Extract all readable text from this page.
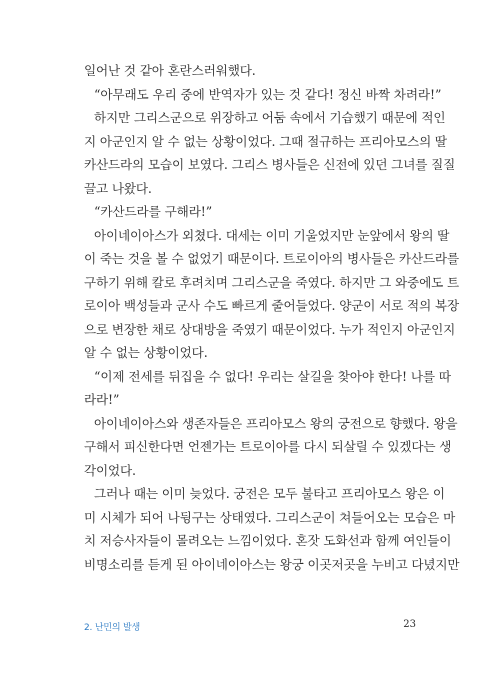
일어난 것 같아 혼란스러워했다.
“아무래도 우리 중에 반역자가 있는 것 같다! 정신 바짝 차려라!”
하지만 그리스군으로 위장하고 어둠 속에서 기습했기 때문에 적인
지 아군인지 알 수 없는 상황이었다. 그때 절규하는 프리아모스의 딸
카산드라의 모습이 보였다. 그리스 병사들은 신전에 있던 그녀를 질질
끌고 나왔다.
“카산드라를 구해라!”
아이네이아스가 외쳤다. 대세는 이미 기울었지만 눈앞에서 왕의 딸
이 죽는 것을 볼 수 없었기 때문이다. 트로이아의 병사들은 카산드라를
구하기 위해 칼로 후려치며 그리스군을 죽였다. 하지만 그 와중에도 트
로이아 백성들과 군사 수도 빠르게 줄어들었다. 양군이 서로 적의 복장
으로 변장한 채로 상대방을 죽였기 때문이었다. 누가 적인지 아군인지
알 수 없는 상황이었다.
“이제 전세를 뒤집을 수 없다! 우리는 살길을 찾아야 한다! 나를 따
라라!”
아이네이아스와 생존자들은 프리아모스 왕의 궁전으로 향했다. 왕을
구해서 피신한다면 언젠가는 트로이아를 다시 되살릴 수 있겠다는 생
각이었다.
그러나 때는 이미 늦었다. 궁전은 모두 불타고 프리아모스 왕은 이
미 시체가 되어 나뒹구는 상태였다. 그리스군이 쳐들어오는 모습은 마
치 저승사자들이 몰려오는 느낌이었다. 혼잣 도화선과 함께 여인들이
비명소리를 듣게 된 아이네이아스는 왕궁 이곳저곳을 누비고 다녔지만
2. 난민의 발생	23
